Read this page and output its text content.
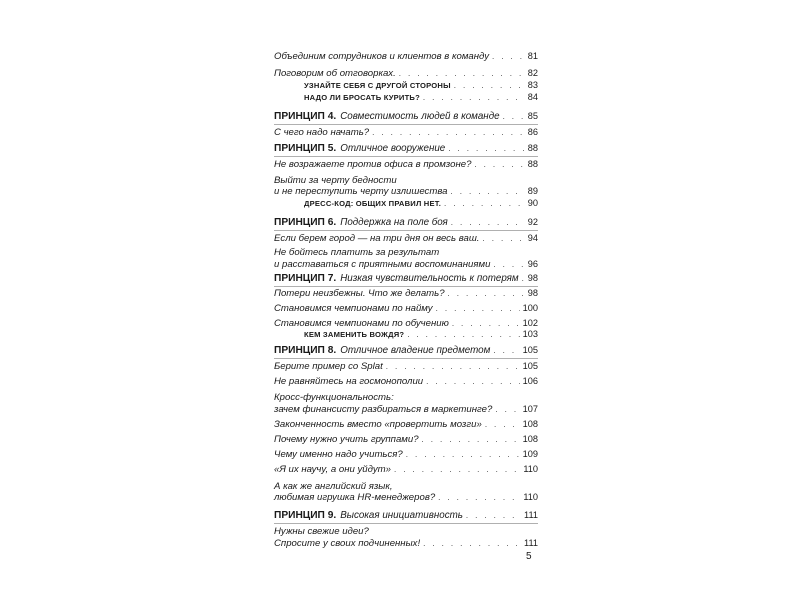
Объединим сотрудников и клиентов в команду . . .	81
Поговорим об отговорках. . . .	82
УЗНАЙТЕ СЕБЯ С ДРУГОЙ СТОРОНЫ . . .	83
НАДО ЛИ БРОСАТЬ КУРИТЬ? . . .	84
ПРИНЦИП 4. Совместимость людей в команде . . .	85
С чего надо начать? . . .	86
ПРИНЦИП 5. Отличное вооружение . . .	88
Не возражаете против офиса в промзоне? . . .	88
Выйти за черту бедности
и не переступить черту излишества . . .	89
ДРЕСС-КОД: ОБЩИХ ПРАВИЛ НЕТ. . . .	90
ПРИНЦИП 6. Поддержка на поле боя . . .	92
Если берем город — на три дня он весь ваш. . . .	94
Не бойтесь платить за результат
и расставаться с приятными воспоминаниями . . .	96
ПРИНЦИП 7. Низкая чувствительность к потерям . . . 98
Потери неизбежны. Что же делать? . . .	98
Становимся чемпионами по найму . . .	100
Становимся чемпионами по обучению . . .	102
КЕМ ЗАМЕНИТЬ ВОЖДЯ? . . .	103
ПРИНЦИП 8. Отличное владение предметом . . .	105
Берите пример со Splat . . .	105
Не равняйтесь на госмонополии . . .	106
Кросс-функциональность:
зачем финансисту разбираться в маркетинге? . . .	107
Законченность вместо «провертить мозги» . . .	108
Почему нужно учить группами? . . .	108
Чему именно надо учиться? . . .	109
«Я их научу, а они уйдут» . . .	110
А как же английский язык,
любимая игрушка HR-менеджеров? . . .	110
ПРИНЦИП 9. Высокая инициативность . . .	111
Нужны свежие идеи?
Спросите у своих подчиненных! . . .	111
5
